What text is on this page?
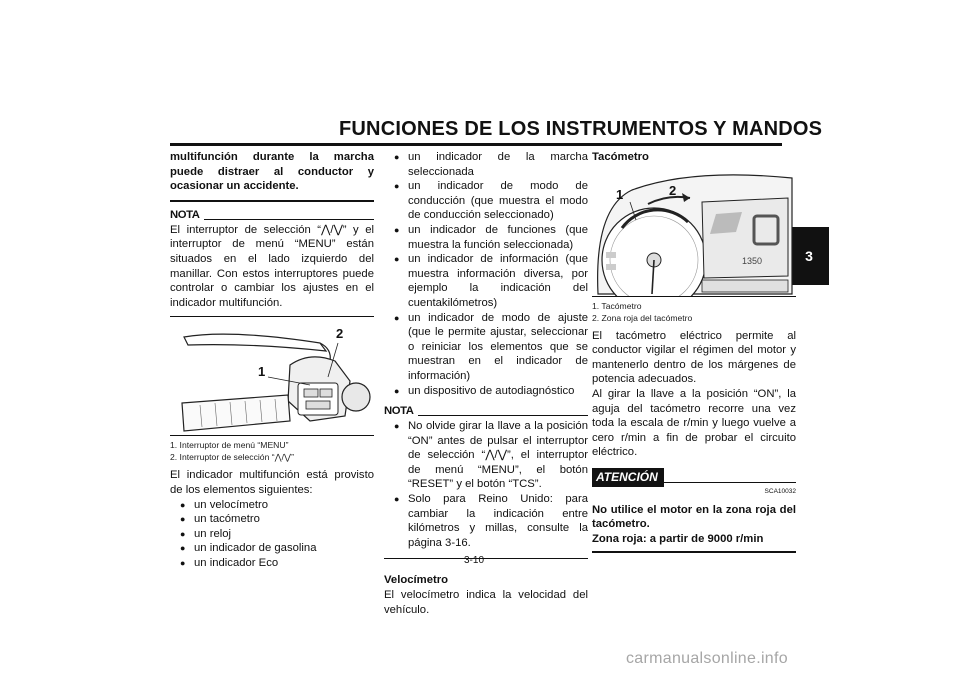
FUNCIONES DE LOS INSTRUMENTOS Y MANDOS
3

multifunción durante la marcha puede distraer al conductor y ocasionar un accidente.

NOTA

El interruptor de selección “⋀/⋁” y el interruptor de menú “MENU” están situados en el lado izquierdo del manillar. Con estos interruptores puede controlar o cambiar los ajustes en el indicador multifunción.

1
2
1. Interruptor de menú “MENU”
2. Interruptor de selección “⋀/⋁”

El indicador multifunción está provisto de los elementos siguientes:

● un velocímetro
● un tacómetro
● un reloj
● un indicador de gasolina
● un indicador Eco
● un indicador de la marcha seleccionada
● un indicador de modo de conducción (que muestra el modo de conducción seleccionado)
● un indicador de funciones (que muestra la función seleccionada)
● un indicador de información (que muestra información diversa, por ejemplo la indicación del cuentakilómetros)
● un indicador de modo de ajuste (que le permite ajustar, seleccionar o reiniciar los elementos que se muestran en el indicador de información)
● un dispositivo de autodiagnóstico
NOTA
● No olvide girar la llave a la posición “ON” antes de pulsar el interruptor de selección “⋀/⋁”, el interruptor de menú “MENU”, el botón “RESET” y el botón “TCS”.
● Solo para Reino Unido: para cambiar la indicación entre kilómetros y millas, consulte la página 3-16.

Velocímetro

El velocímetro indica la velocidad del vehículo.

Tacómetro

1350
1	2
1. Tacómetro
2. Zona roja del tacómetro

El tacómetro eléctrico permite al conductor vigilar el régimen del motor y mantenerlo dentro de los márgenes de potencia adecuados.

Al girar la llave a la posición “ON”, la aguja del tacómetro recorre una vez toda la escala de r/min y luego vuelve a cero r/min a fin de probar el circuito eléctrico.

ATENCIÓN
SCA10032

No utilice el motor en la zona roja del tacómetro.

Zona roja: a partir de 9000 r/min

3-10
carmanualsonline.info
